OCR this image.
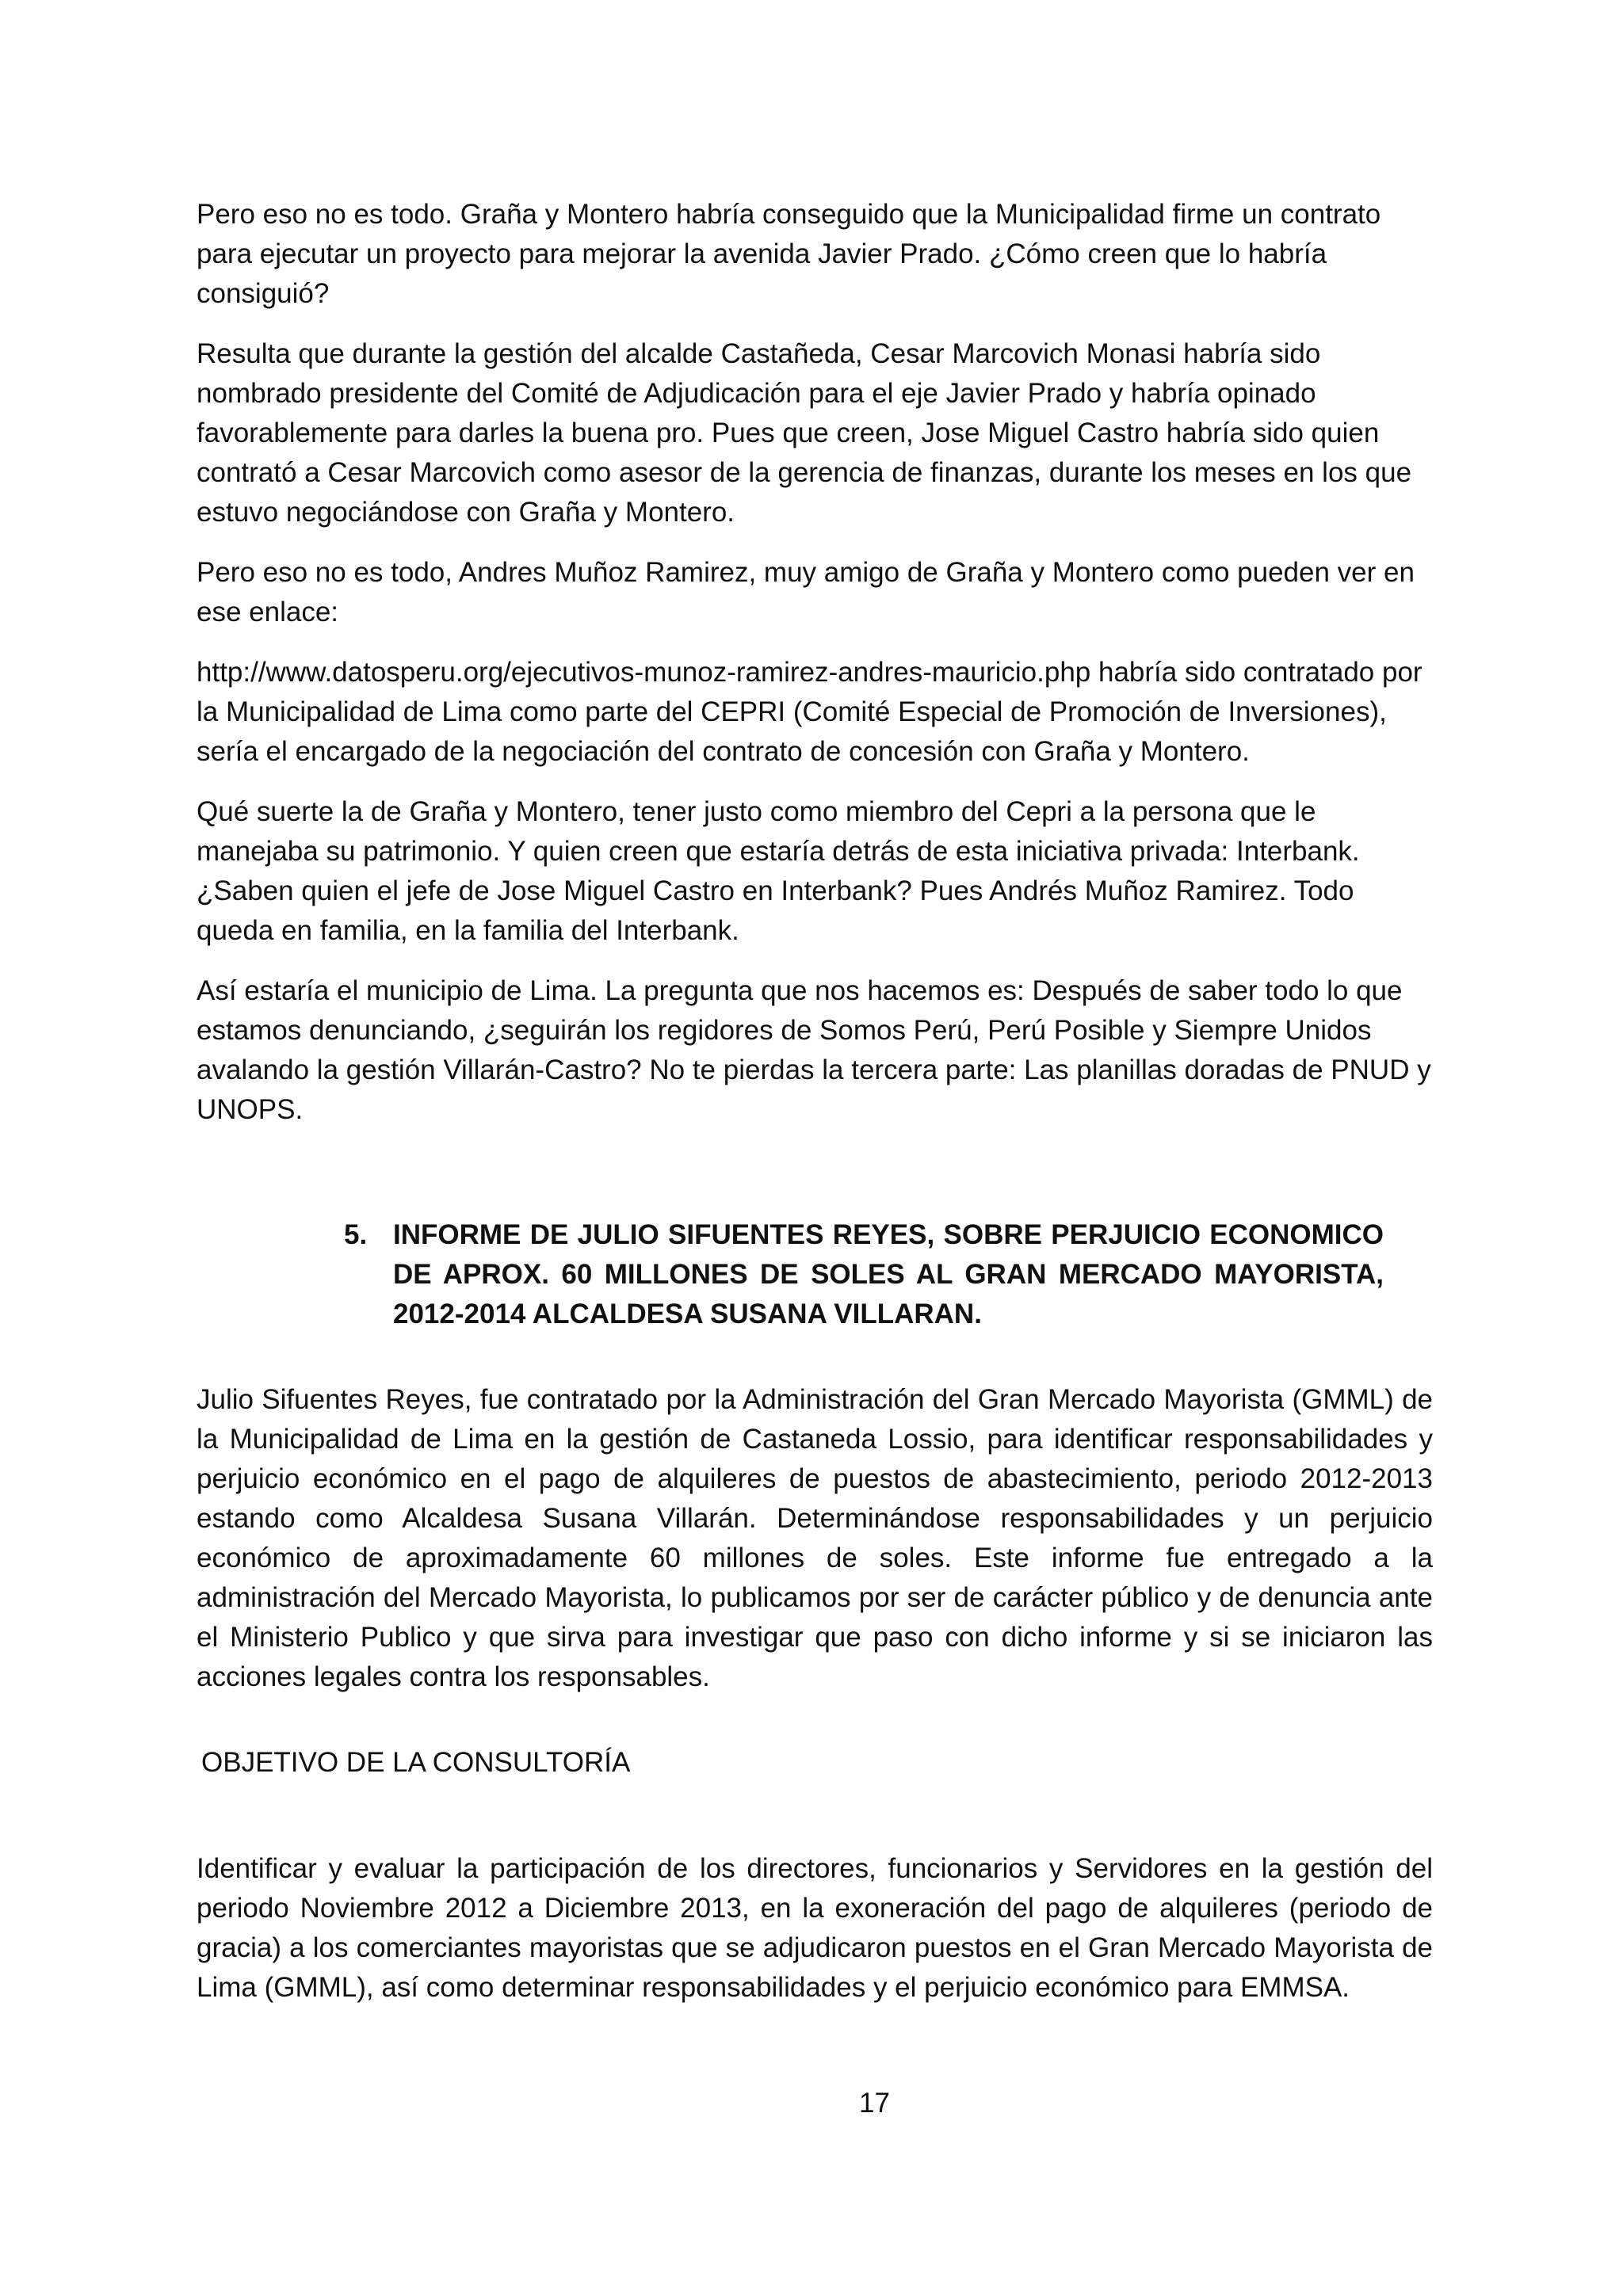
Pero eso no es todo. Graña y Montero habría conseguido que la Municipalidad firme un contrato para ejecutar un proyecto para mejorar la avenida Javier Prado. ¿Cómo creen que lo habría consiguió?

Resulta que durante la gestión del alcalde Castañeda, Cesar Marcovich Monasi habría sido nombrado presidente del Comité de Adjudicación para el eje Javier Prado y habría opinado favorablemente para darles la buena pro. Pues que creen, Jose Miguel Castro habría sido quien contrató a Cesar Marcovich como asesor de la gerencia de finanzas, durante los meses en los que estuvo negociándose con Graña y Montero.

Pero eso no es todo, Andres Muñoz Ramirez, muy amigo de Graña y Montero como pueden ver en ese enlace:

http://www.datosperu.org/ejecutivos-munoz-ramirez-andres-mauricio.php habría sido contratado por la Municipalidad de Lima como parte del CEPRI (Comité Especial de Promoción de Inversiones), sería el encargado de la negociación del contrato de concesión con Graña y Montero.

Qué suerte la de Graña y Montero, tener justo como miembro del Cepri a la persona que le manejaba su patrimonio. Y quien creen que estaría detrás de esta iniciativa privada: Interbank. ¿Saben quien el jefe de Jose Miguel Castro en Interbank? Pues Andrés Muñoz Ramirez. Todo queda en familia, en la familia del Interbank.

Así estaría el municipio de Lima. La pregunta que nos hacemos es: Después de saber todo lo que estamos denunciando, ¿seguirán los regidores de Somos Perú, Perú Posible y Siempre Unidos avalando la gestión Villarán-Castro? No te pierdas la tercera parte: Las planillas doradas de PNUD y UNOPS.

5. INFORME DE JULIO SIFUENTES REYES, SOBRE PERJUICIO ECONOMICO DE APROX. 60 MILLONES DE SOLES AL GRAN MERCADO MAYORISTA, 2012-2014 ALCALDESA SUSANA VILLARAN.

Julio Sifuentes Reyes, fue contratado por la Administración del Gran Mercado Mayorista (GMML) de la Municipalidad de Lima en la gestión de Castaneda Lossio, para identificar responsabilidades y perjuicio económico en el pago de alquileres de puestos de abastecimiento, periodo 2012-2013 estando como Alcaldesa Susana Villarán. Determinándose responsabilidades y un perjuicio económico de aproximadamente 60 millones de soles. Este informe fue entregado a la administración del Mercado Mayorista, lo publicamos por ser de carácter público y de denuncia ante el Ministerio Publico y que sirva para investigar que paso con dicho informe y si se iniciaron las acciones legales contra los responsables.

OBJETIVO DE LA CONSULTORÍA

Identificar y evaluar la participación de los directores, funcionarios y Servidores en la gestión del periodo Noviembre 2012 a Diciembre 2013, en la exoneración del pago de alquileres (periodo de gracia) a los comerciantes mayoristas que se adjudicaron puestos en el Gran Mercado Mayorista de Lima (GMML), así como determinar responsabilidades y el perjuicio económico para EMMSA.

17
